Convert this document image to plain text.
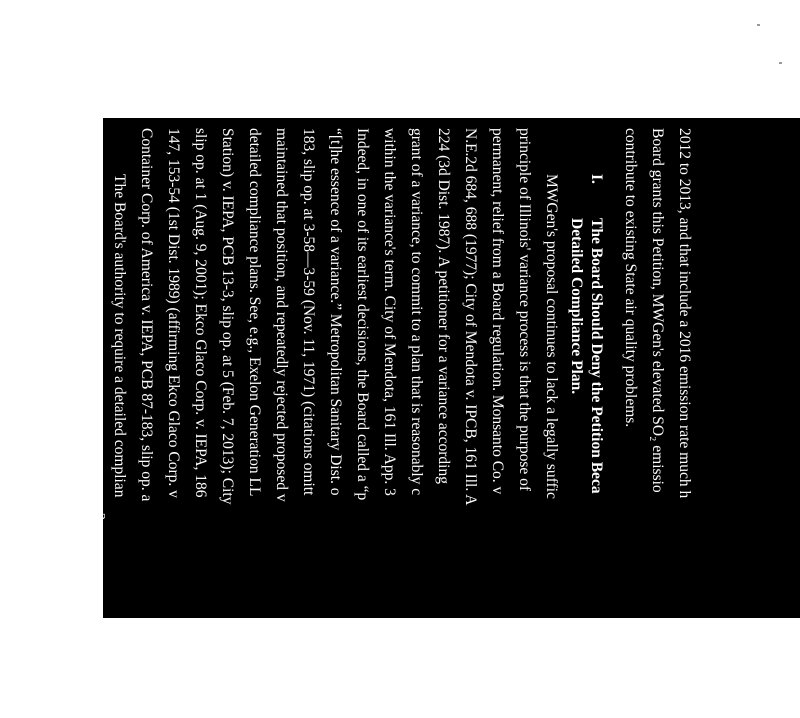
2012 to 2013, and that include a 2016 emission rate much h
Board grants this Petition, MWGen's elevated SO₂ emissio
contribute to existing State air quality problems.
I.
The Board Should Deny the Petition Beca
Detailed Compliance Plan.
MWGen's proposal continues to lack a legally suffic
principle of Illinois' variance process is that the purpose of
permanent, relief from a Board regulation. Monsanto Co. v
N.E.2d 684, 688 (1977); City of Mendota v. IPCB, 161 Ill. A
224 (3d Dist. 1987). A petitioner for a variance according
grant of a variance, to commit to a plan that is reasonably c
within the variance's term. City of Mendota, 161 Ill. App. 3
Indeed, in one of its earliest decisions, the Board called a “p
“[t]he essence of a variance.” Metropolitan Sanitary Dist. o
183, slip op. at 3-58—3-59 (Nov. 11, 1971) (citations omitt
maintained that position, and repeatedly rejected proposed v
detailed compliance plans. See, e.g., Exelon Generation LL
Station) v. IEPA, PCB 13-3, slip op. at 5 (Feb. 7, 2013); City
slip op. at 1 (Aug. 9, 2001); Ekco Glaco Corp. v. IEPA, 186
147, 153-54 (1st Dist. 1989) (affirming Ekco Glaco Corp. v
Container Corp. of America v. IEPA, PCB 87-183, slip op. a
The Board's authority to require a detailed complian
Illinois Environmental Protection Act (“Act”) and Board reg
2
